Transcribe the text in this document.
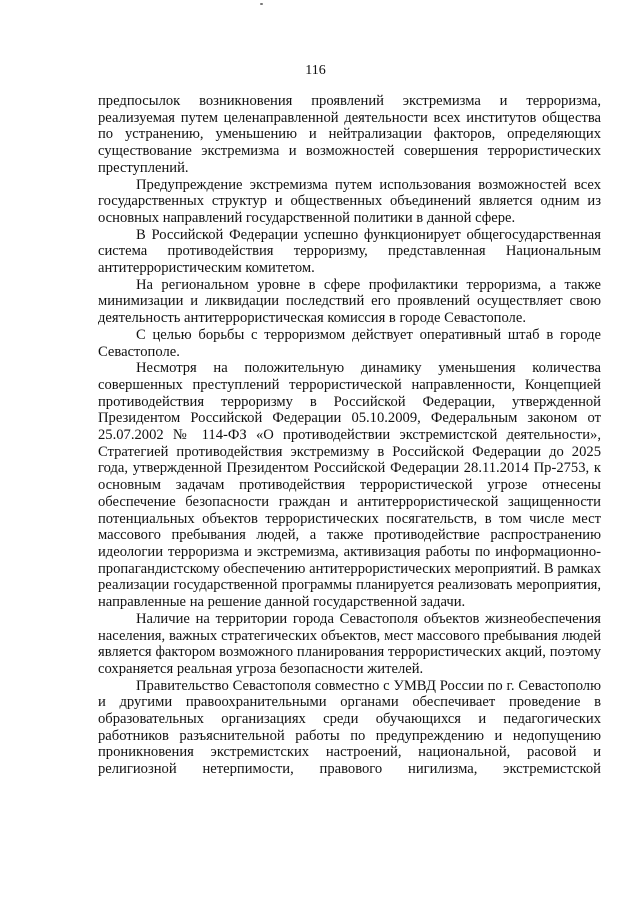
116

предпосылок возникновения проявлений экстремизма и терроризма, реализуемая путем целенаправленной деятельности всех институтов общества по устранению, уменьшению и нейтрализации факторов, определяющих существование экстремизма и возможностей совершения террористических преступлений.

Предупреждение экстремизма путем использования возможностей всех государственных структур и общественных объединений является одним из основных направлений государственной политики в данной сфере.

В Российской Федерации успешно функционирует общегосударственная система противодействия терроризму, представленная Национальным антитеррористическим комитетом.

На региональном уровне в сфере профилактики терроризма, а также минимизации и ликвидации последствий его проявлений осуществляет свою деятельность антитеррористическая комиссия в городе Севастополе.

С целью борьбы с терроризмом действует оперативный штаб в городе Севастополе.

Несмотря на положительную динамику уменьшения количества совершенных преступлений террористической направленности, Концепцией противодействия терроризму в Российской Федерации, утвержденной Президентом Российской Федерации 05.10.2009, Федеральным законом от 25.07.2002 № 114-ФЗ «О противодействии экстремистской деятельности», Стратегией противодействия экстремизму в Российской Федерации до 2025 года, утвержденной Президентом Российской Федерации 28.11.2014 Пр-2753, к основным задачам противодействия террористической угрозе отнесены обеспечение безопасности граждан и антитеррористической защищенности потенциальных объектов террористических посягательств, в том числе мест массового пребывания людей, а также противодействие распространению идеологии терроризма и экстремизма, активизация работы по информационно-пропагандистскому обеспечению антитеррористических мероприятий. В рамках реализации государственной программы планируется реализовать мероприятия, направленные на решение данной государственной задачи.

Наличие на территории города Севастополя объектов жизнеобеспечения населения, важных стратегических объектов, мест массового пребывания людей является фактором возможного планирования террористических акций, поэтому сохраняется реальная угроза безопасности жителей.

Правительство Севастополя совместно с УМВД России по г. Севастополю и другими правоохранительными органами обеспечивает проведение в образовательных организациях среди обучающихся и педагогических работников разъяснительной работы по предупреждению и недопущению проникновения экстремистских настроений, национальной, расовой и религиозной нетерпимости, правового нигилизма, экстремистской
